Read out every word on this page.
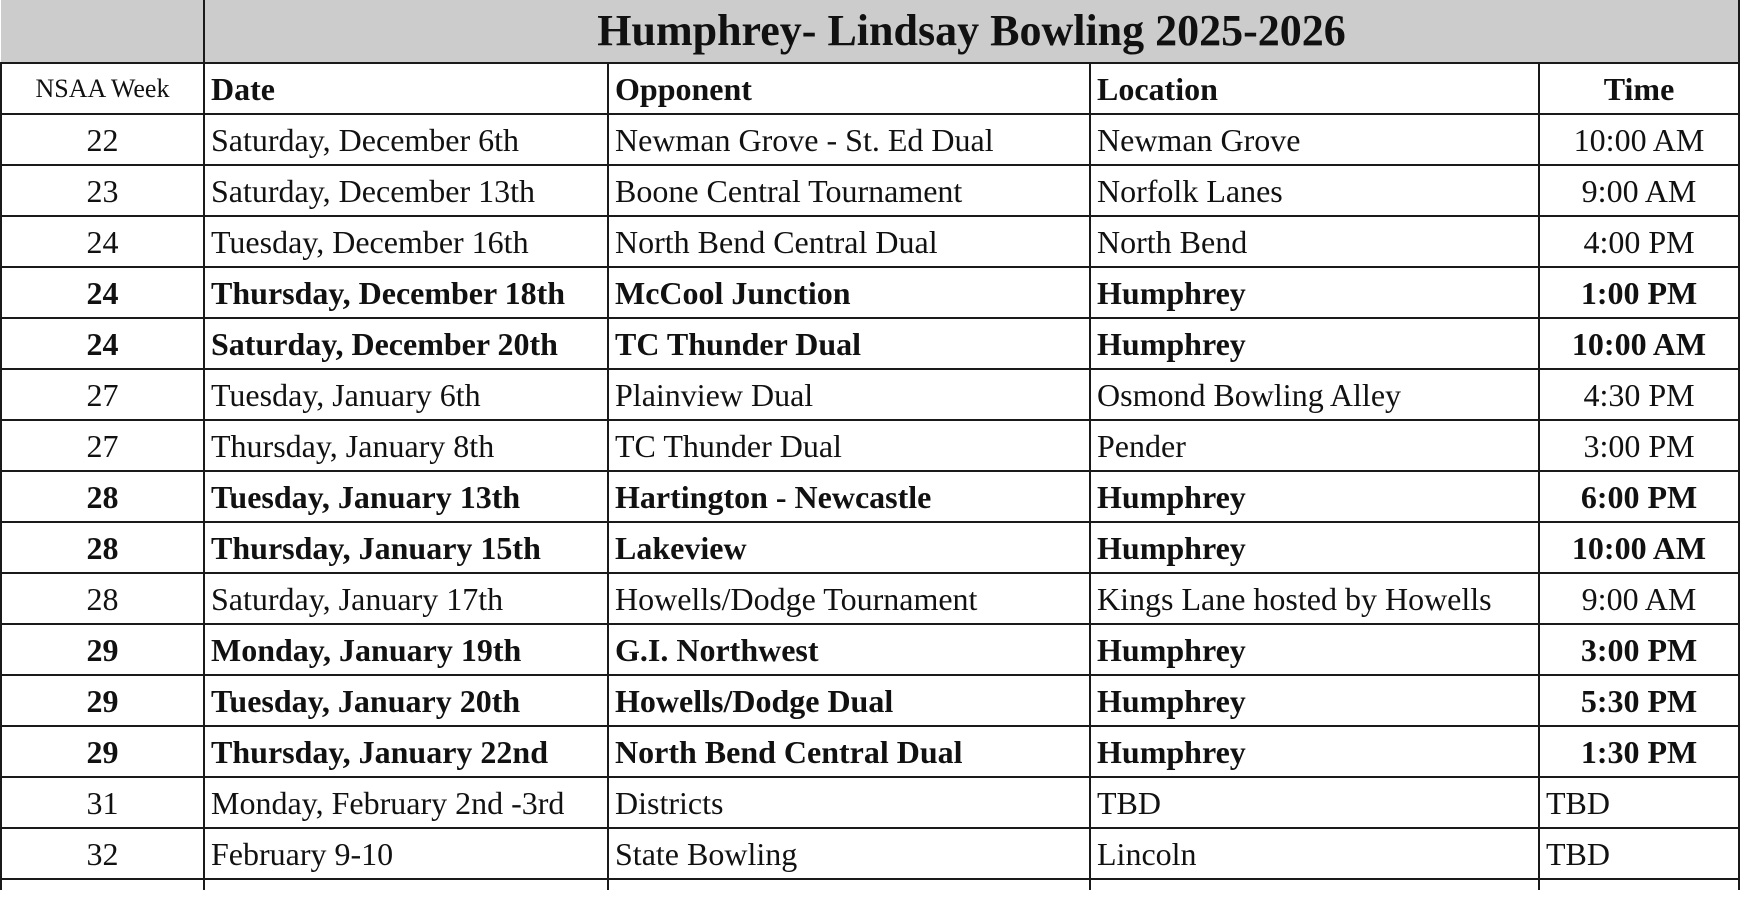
	Humphrey- Lindsay Bowling 2025-2026			
NSAA Week	Date	Opponent	Location	Time
22	Saturday, December 6th	Newman Grove - St. Ed Dual	Newman Grove	10:00 AM
23	Saturday, December 13th	Boone Central Tournament	Norfolk Lanes	9:00 AM
24	Tuesday, December 16th	North Bend Central Dual	North Bend	4:00 PM
24	Thursday, December 18th	McCool Junction	Humphrey	1:00 PM
24	Saturday, December 20th	TC Thunder Dual	Humphrey	10:00 AM
27	Tuesday, January 6th	Plainview Dual	Osmond Bowling Alley	4:30 PM
27	Thursday, January 8th	TC Thunder Dual	Pender	3:00 PM
28	Tuesday, January 13th	Hartington - Newcastle	Humphrey	6:00 PM
28	Thursday, January 15th	Lakeview	Humphrey	10:00 AM
28	Saturday, January 17th	Howells/Dodge Tournament	Kings Lane hosted by Howells	9:00 AM
29	Monday, January 19th	G.I. Northwest	Humphrey	3:00 PM
29	Tuesday, January 20th	Howells/Dodge Dual	Humphrey	5:30 PM
29	Thursday, January 22nd	North Bend Central Dual	Humphrey	1:30 PM
31	Monday, February 2nd -3rd	Districts	TBD	TBD
32	February 9-10	State Bowling	Lincoln	TBD
